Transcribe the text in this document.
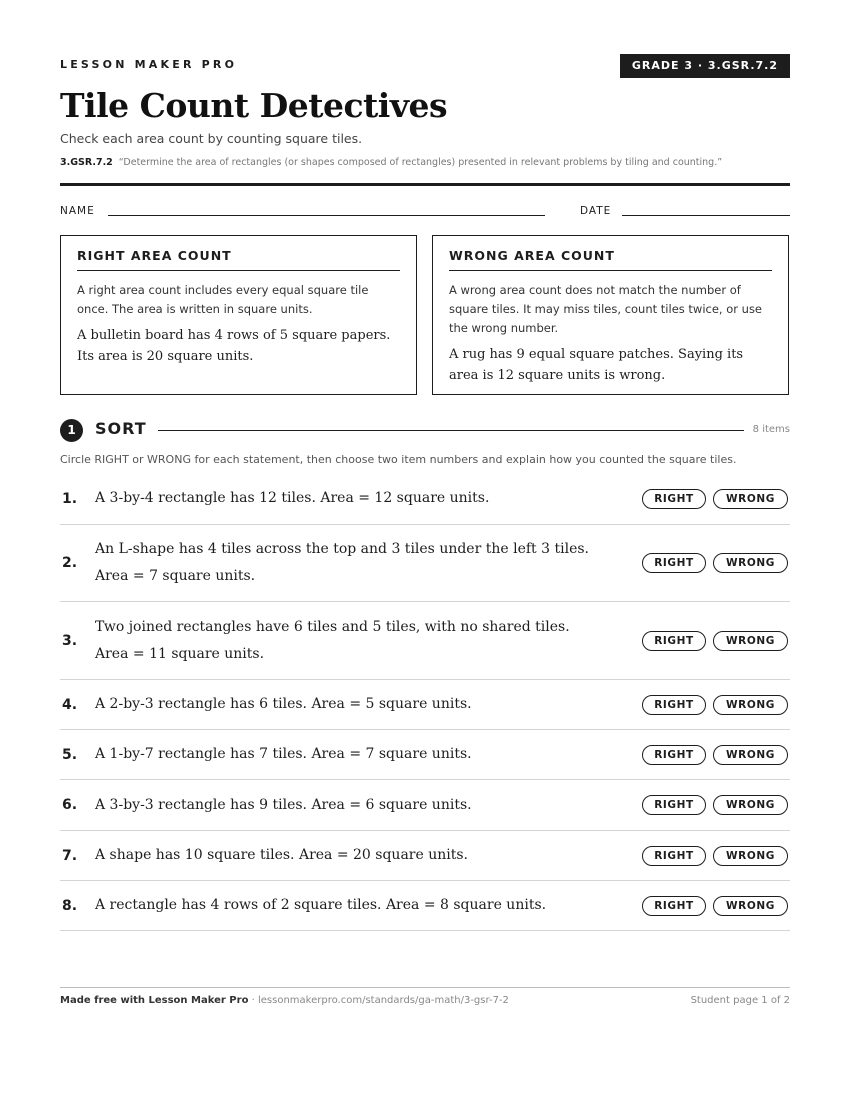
LESSON MAKER PRO	GRADE 3 · 3.GSR.7.2
Tile Count Detectives
Check each area count by counting square tiles.
3.GSR.7.2 “Determine the area of rectangles (or shapes composed of rectangles) presented in relevant problems by tiling and counting.”
NAME	DATE
RIGHT AREA COUNT

A right area count includes every equal square tile once. The area is written in square units.

A bulletin board has 4 rows of 5 square papers. Its area is 20 square units.

WRONG AREA COUNT

A wrong area count does not match the number of square tiles. It may miss tiles, count tiles twice, or use the wrong number.

A rug has 9 equal square patches. Saying its area is 12 square units is wrong.

1	SORT	8 items
Circle RIGHT or WRONG for each statement, then choose two item numbers and explain how you counted the square tiles.
1. A 3-by-4 rectangle has 12 tiles. Area = 12 square units.	RIGHT	WRONG
2.
An L-shape has 4 tiles across the top and 3 tiles under the left 3 tiles. Area = 7 square units.
RIGHT	WRONG
3.
Two joined rectangles have 6 tiles and 5 tiles, with no shared tiles. Area = 11 square units.
RIGHT	WRONG
4. A 2-by-3 rectangle has 6 tiles. Area = 5 square units.	RIGHT	WRONG
5. A 1-by-7 rectangle has 7 tiles. Area = 7 square units.	RIGHT	WRONG
6. A 3-by-3 rectangle has 9 tiles. Area = 6 square units.	RIGHT	WRONG
7. A shape has 10 square tiles. Area = 20 square units.	RIGHT	WRONG
8. A rectangle has 4 rows of 2 square tiles. Area = 8 square units.	RIGHT	WRONG
Made free with Lesson Maker Pro · lessonmakerpro.com/standards/ga-math/3-gsr-7-2	Student page 1 of 2
